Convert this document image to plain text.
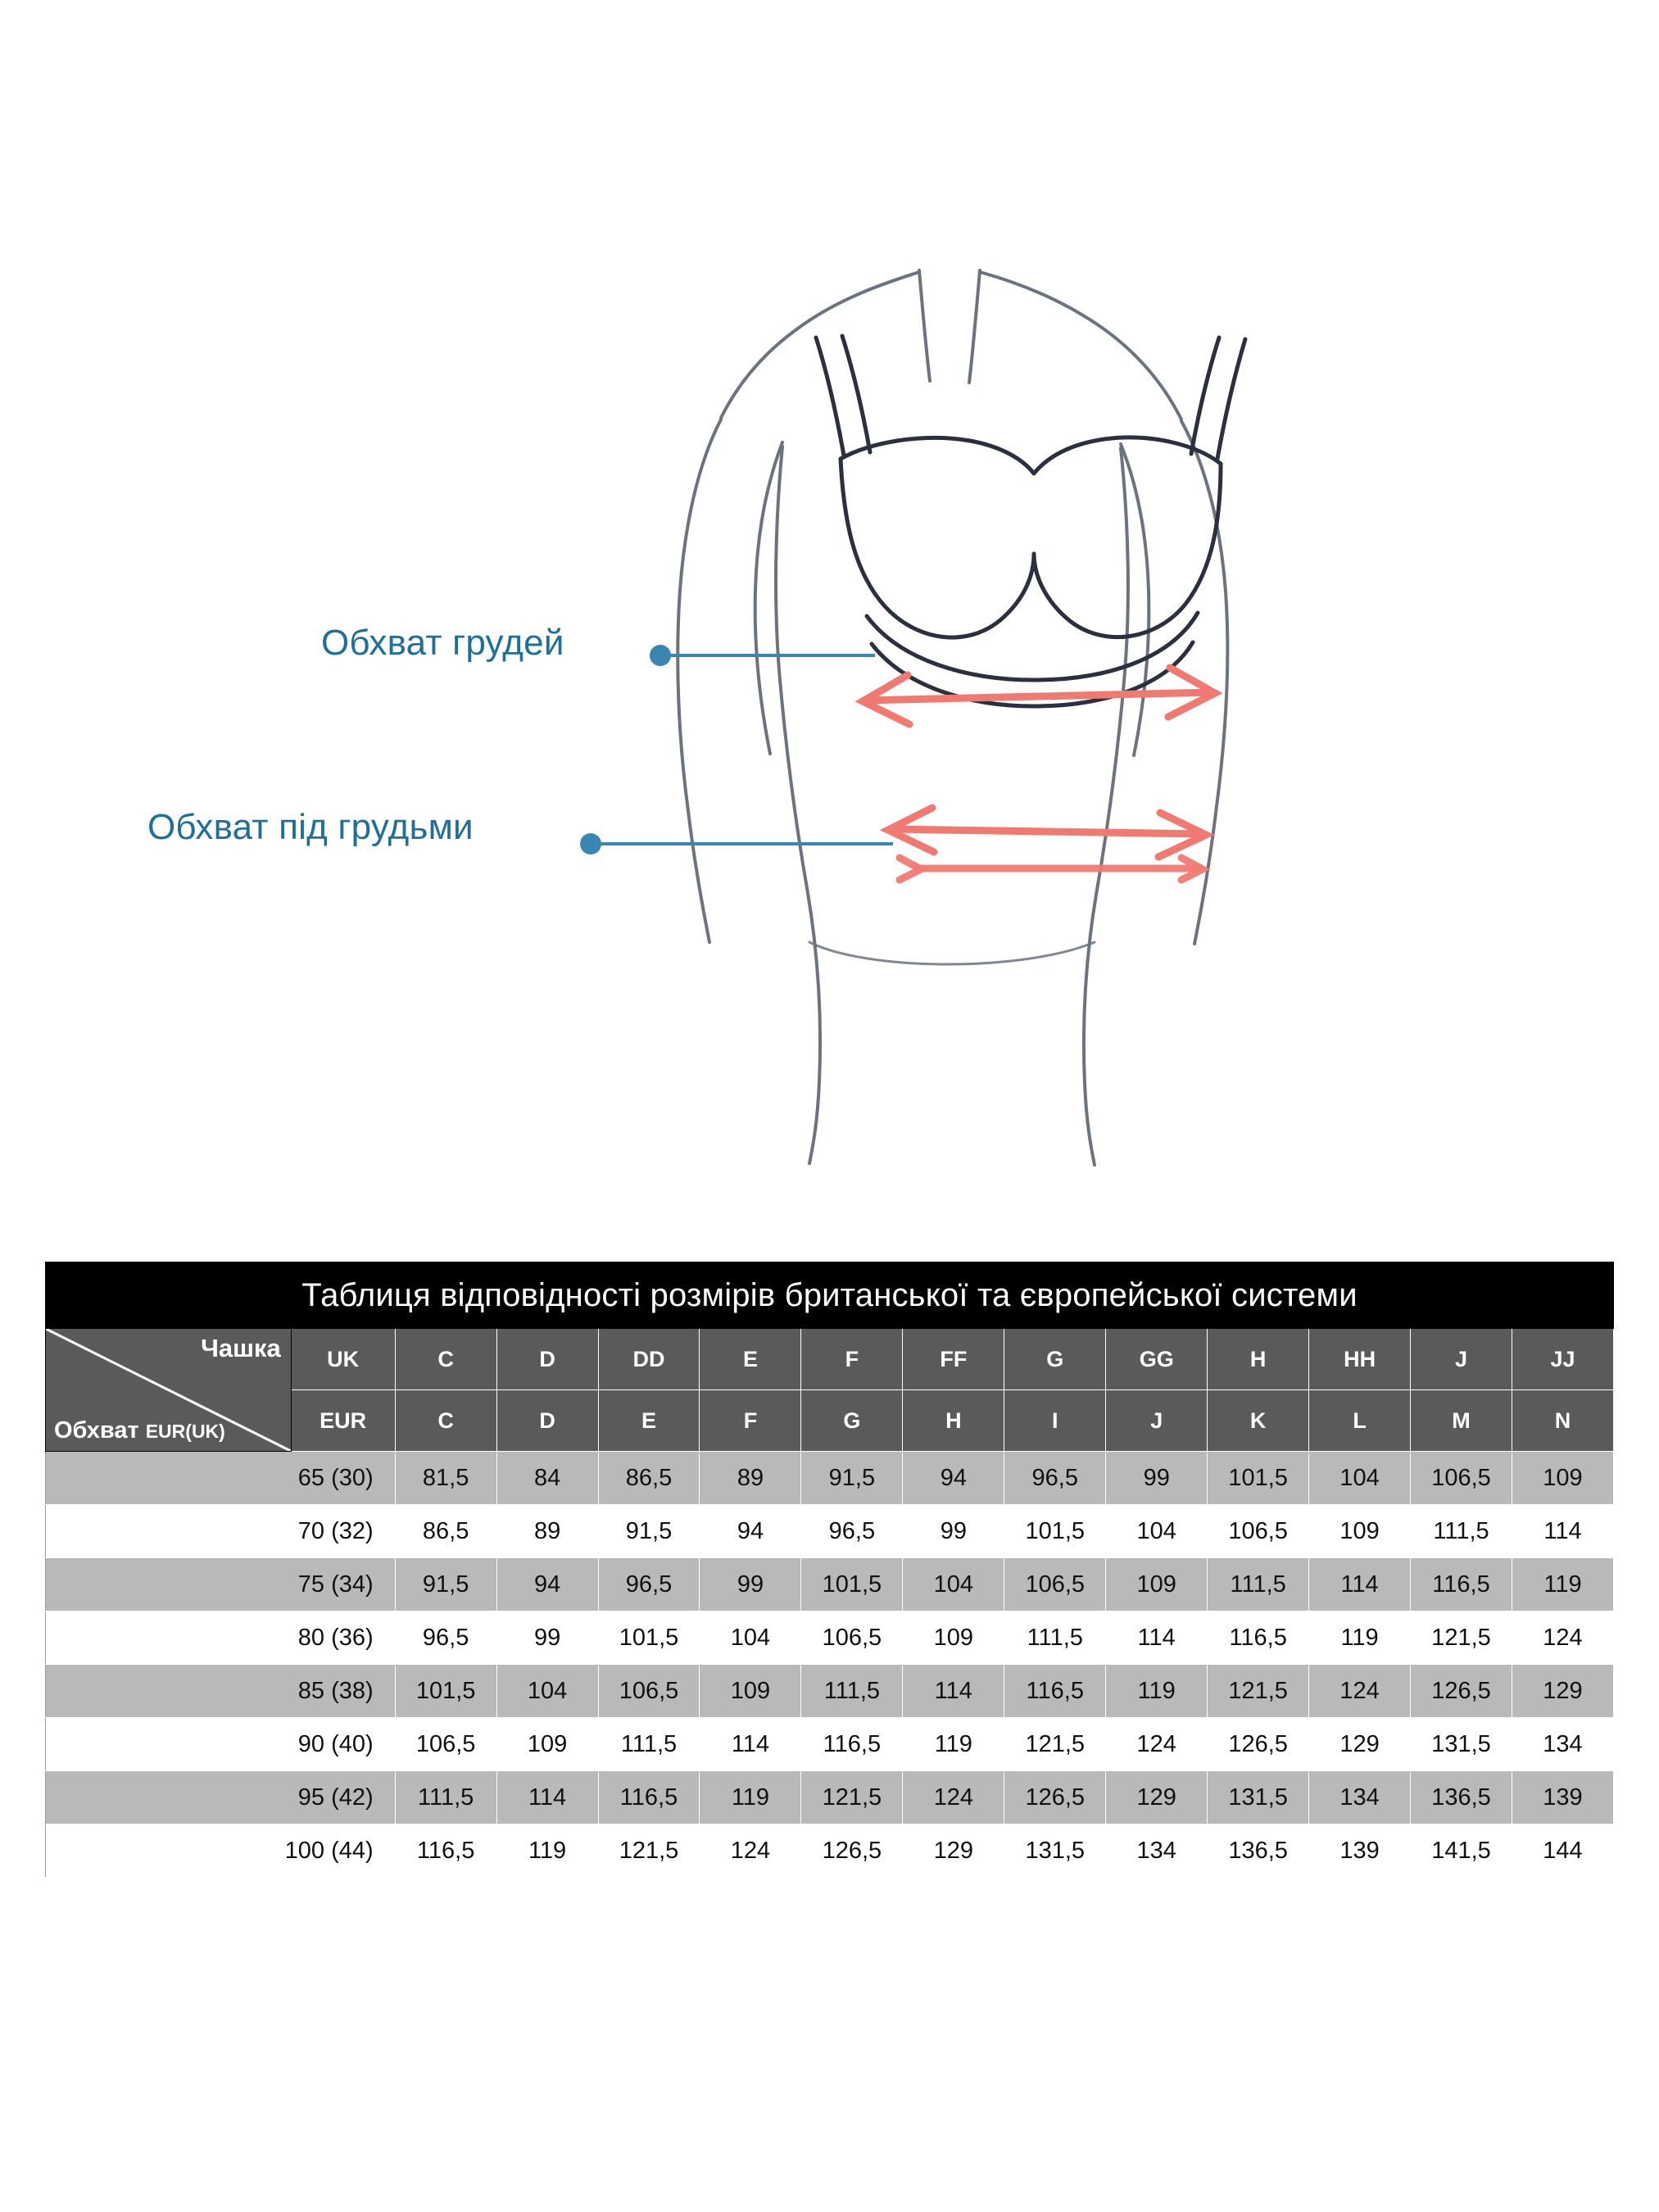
Обхват грудей
Обхват під грудьми
Таблиця відповідності розмірів британської та європейської системи													

Чашка
Обхват EUR(UK)	UK	C	D	DD	E	F	FF	G	GG	H	HH	J	JJ
	EUR	C	D	E	F	G	H	I	J	K	L	M	N
65 (30)		81,5	84	86,5	89	91,5	94	96,5	99	101,5	104	106,5	109
70 (32)		86,5	89	91,5	94	96,5	99	101,5	104	106,5	109	111,5	114
75 (34)		91,5	94	96,5	99	101,5	104	106,5	109	111,5	114	116,5	119
80 (36)		96,5	99	101,5	104	106,5	109	111,5	114	116,5	119	121,5	124
85 (38)		101,5	104	106,5	109	111,5	114	116,5	119	121,5	124	126,5	129
90 (40)		106,5	109	111,5	114	116,5	119	121,5	124	126,5	129	131,5	134
95 (42)		111,5	114	116,5	119	121,5	124	126,5	129	131,5	134	136,5	139
100 (44)		116,5	119	121,5	124	126,5	129	131,5	134	136,5	139	141,5	144
